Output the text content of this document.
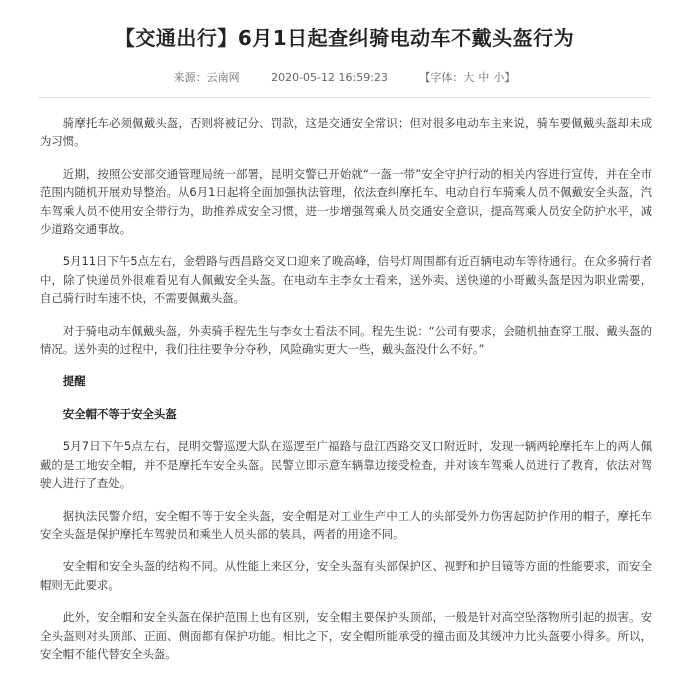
【交通出行】6月1日起查纠骑电动车不戴头盔行为
来源：云南网	2020-05-12 16:59:23	【字体：大 中 小】

骑摩托车必须佩戴头盔，否则将被记分、罚款，这是交通安全常识；但对很多电动车主来说，骑车要佩戴头盔却未成为习惯。

近期，按照公安部交通管理局统一部署，昆明交警已开始就“一盔一带”安全守护行动的相关内容进行宣传，并在全市范围内随机开展劝导整治。从6月1日起将全面加强执法管理，依法查纠摩托车、电动自行车骑乘人员不佩戴安全头盔，汽车驾乘人员不使用安全带行为，助推养成安全习惯，进一步增强驾乘人员交通安全意识，提高驾乘人员安全防护水平，减少道路交通事故。

5月11日下午5点左右，金碧路与西昌路交叉口迎来了晚高峰，信号灯周围都有近百辆电动车等待通行。在众多骑行者中，除了快递员外很难看见有人佩戴安全头盔。在电动车主李女士看来，送外卖、送快递的小哥戴头盔是因为职业需要，自己骑行时车速不快，不需要佩戴头盔。

对于骑电动车佩戴头盔，外卖骑手程先生与李女士看法不同。程先生说：“公司有要求，会随机抽查穿工服、戴头盔的情况。送外卖的过程中，我们往往要争分夺秒，风险确实更大一些，戴头盔没什么不好。”

提醒

安全帽不等于安全头盔

5月7日下午5点左右，昆明交警巡逻大队在巡逻至广福路与盘江西路交叉口附近时，发现一辆两轮摩托车上的两人佩戴的是工地安全帽，并不是摩托车安全头盔。民警立即示意车辆靠边接受检查，并对该车驾乘人员进行了教育，依法对驾驶人进行了查处。

据执法民警介绍，安全帽不等于安全头盔，安全帽是对工业生产中工人的头部受外力伤害起防护作用的帽子，摩托车安全头盔是保护摩托车驾驶员和乘坐人员头部的装具，两者的用途不同。

安全帽和安全头盔的结构不同。从性能上来区分，安全头盔有头部保护区、视野和护目镜等方面的性能要求，而安全帽则无此要求。

此外，安全帽和安全头盔在保护范围上也有区别，安全帽主要保护头顶部，一般是针对高空坠落物所引起的损害。安全头盔则对头顶部、正面、侧面都有保护功能。相比之下，安全帽所能承受的撞击面及其缓冲力比头盔要小得多。所以，安全帽不能代替安全头盔。
